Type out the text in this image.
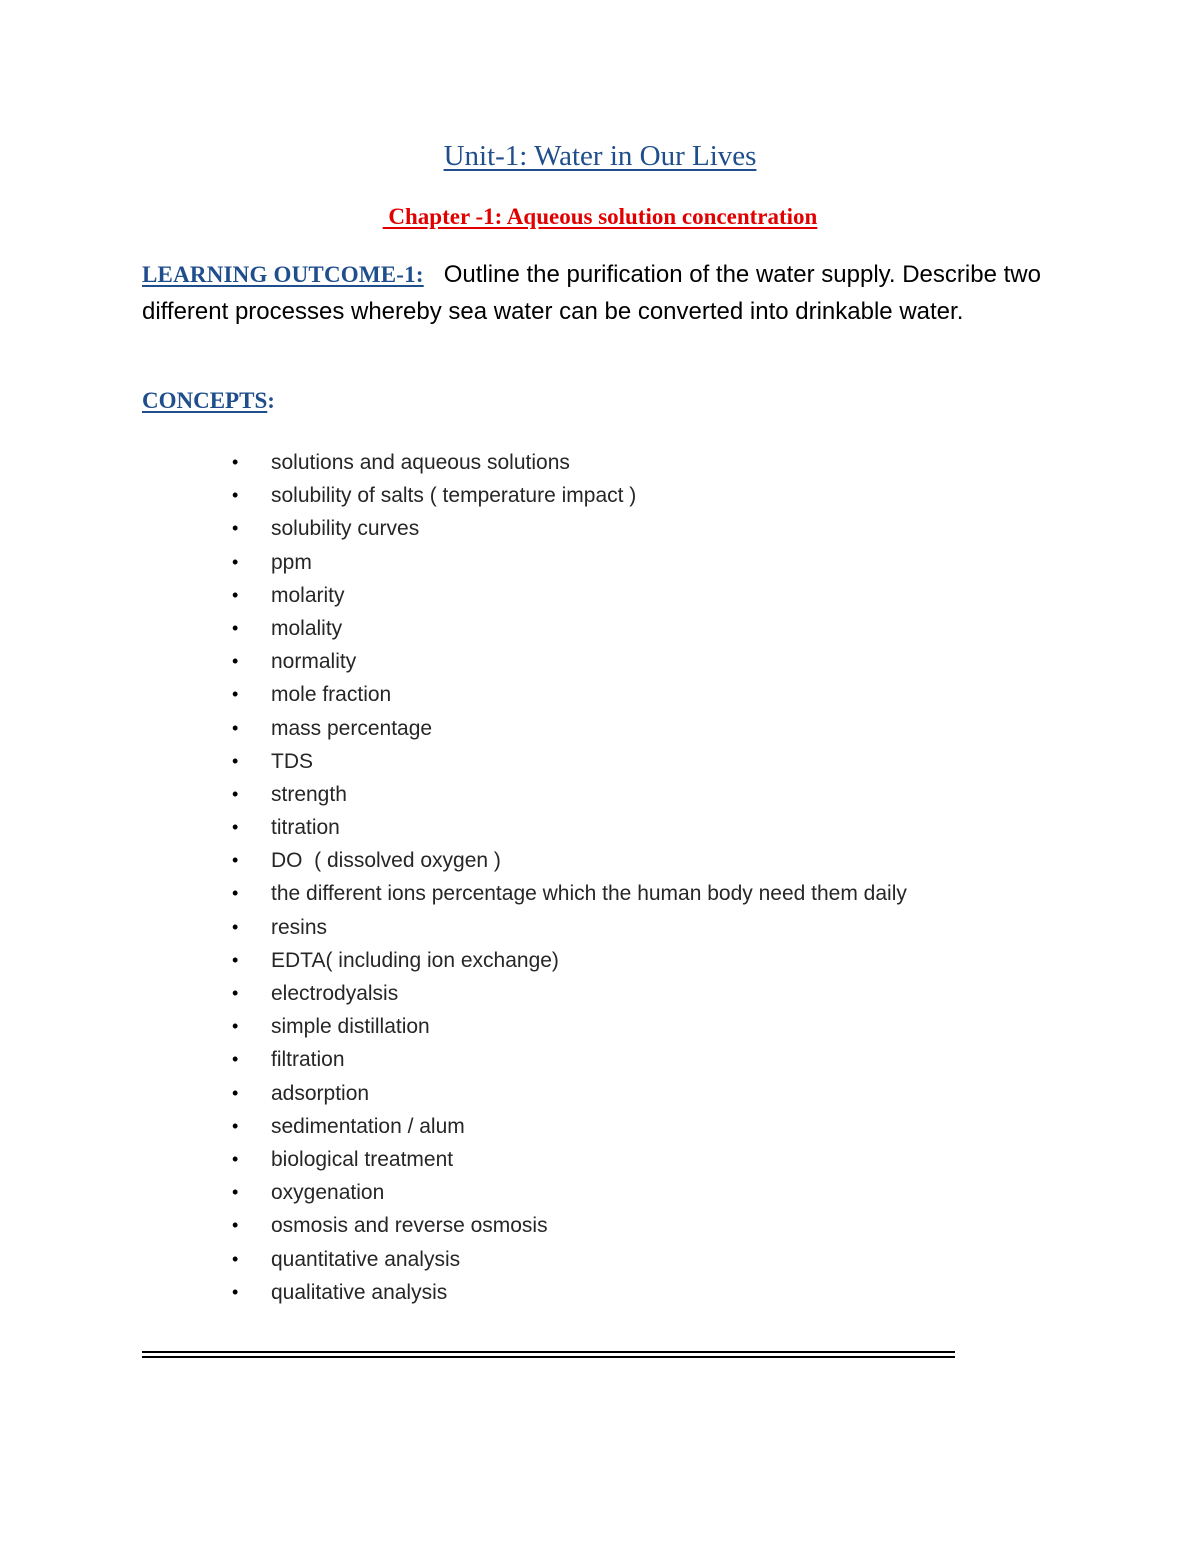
Unit-1: Water in Our Lives
Chapter -1: Aqueous solution concentration
LEARNING OUTCOME-1: Outline the purification of the water supply. Describe two different processes whereby sea water can be converted into drinkable water.
CONCEPTS:
• solutions and aqueous solutions
• solubility of salts ( temperature impact )
• solubility curves
• ppm
• molarity
• molality
• normality
• mole fraction
• mass percentage
• TDS
• strength
• titration
• DO  ( dissolved oxygen )
• the different ions percentage which the human body need them daily
• resins
• EDTA( including ion exchange)
• electrodyalsis
• simple distillation
• filtration
• adsorption
• sedimentation / alum
• biological treatment
• oxygenation
• osmosis and reverse osmosis
• quantitative analysis
• qualitative analysis
